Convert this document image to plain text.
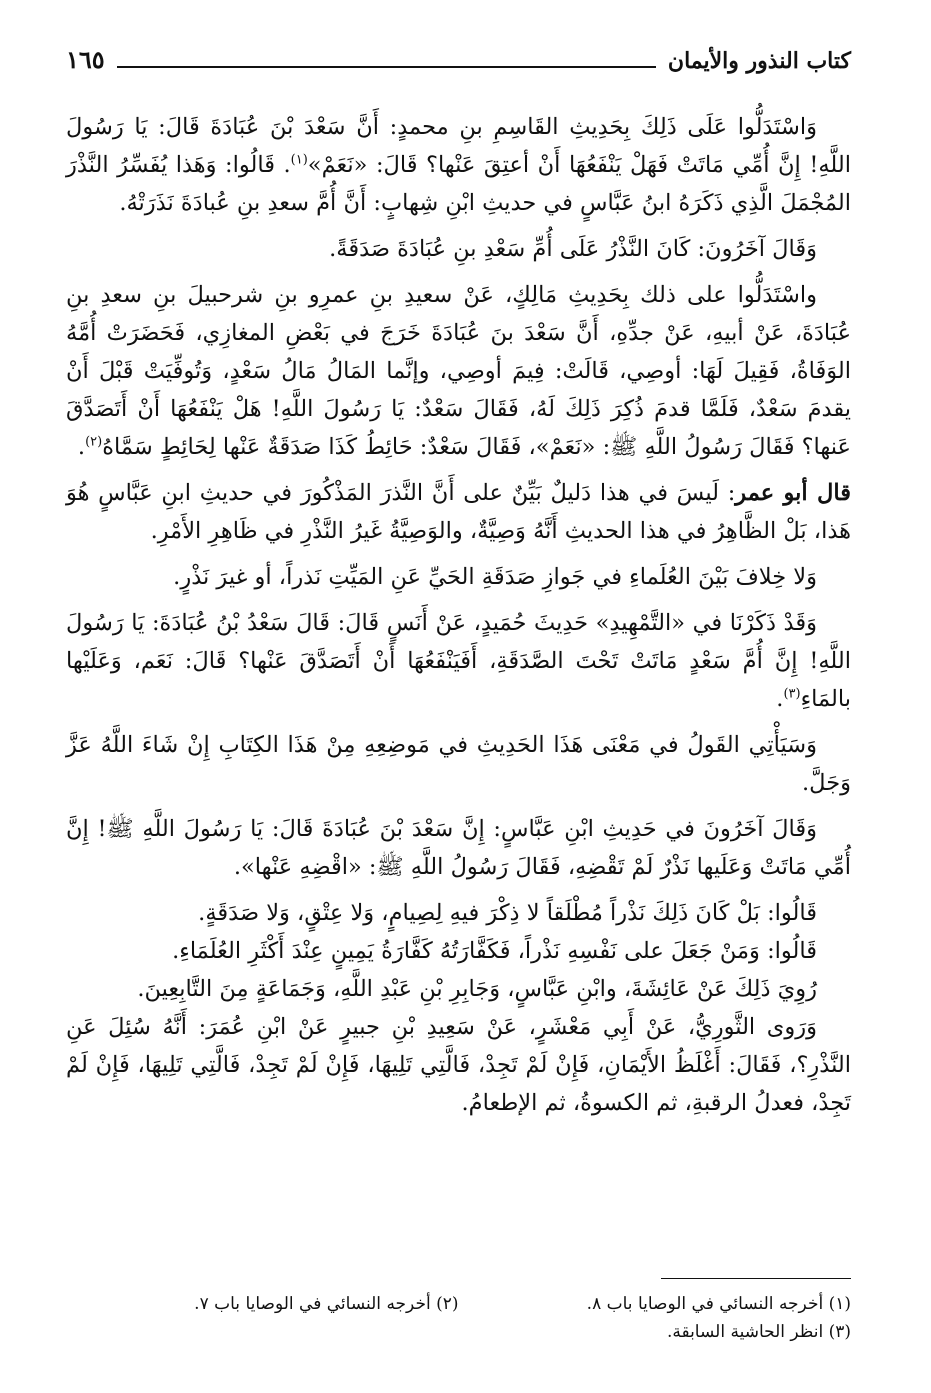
كتاب النذور والأيمان
١٦٥

وَاسْتَدَلُّوا عَلَى ذَلِكَ بِحَدِيثِ القَاسِمِ بنِ محمدٍ: أَنَّ سَعْدَ بْنَ عُبَادَةَ قَالَ: يَا رَسُولَ اللَّهِ! إِنَّ أُمِّي مَاتَتْ فَهَلْ يَنْفَعُهَا أَنْ أعتِقَ عَنْها؟ قَالَ: «نَعَمْ»$^{(١)}$. قَالُوا: وَهَذا يُفَسِّرُ النَّذْرَ المُجْمَلَ الَّذِي ذَكَرَهُ ابنُ عَبَّاسٍ في حديثِ ابْنِ شِهابٍ: أَنَّ أُمَّ سعدِ بنِ عُبادَةَ نَذَرَتْهُ.

وَقَالَ آخَرُونَ: كَانَ النَّذْرُ عَلَى أُمِّ سَعْدِ بنِ عُبَادَةَ صَدَقَةً.

واسْتَدَلُّوا على ذلك بِحَدِيثِ مَالِكٍ، عَنْ سعيدِ بنِ عمرِو بنِ شرحبيلَ بنِ سعدِ بنِ عُبَادَةَ، عَنْ أبيهِ، عَنْ جدِّهِ، أَنَّ سَعْدَ بنَ عُبَادَةَ خَرَجَ في بَعْضِ المغازِي، فَحَضَرَتْ أُمَّهُ الوَفَاةُ، فَقِيلَ لَهَا: أوصِي، قَالَتْ: فِيمَ أوصِي، وإنَّما المَالُ مَالُ سَعْدٍ، وَتُوفِّيَتْ قَبْلَ أَنْ يقدمَ سَعْدٌ، فَلَمَّا قدمَ ذُكِرَ ذَلِكَ لَهُ، فَقَالَ سَعْدٌ: يَا رَسُولَ اللَّهِ! هَلْ يَنْفَعُهَا أَنْ أَتَصَدَّقَ عَنها؟ فَقَالَ رَسُولُ اللَّهِ ﷺ: «نَعَمْ»، فَقَالَ سَعْدٌ: حَائِطُ كَذَا صَدَقَةٌ عَنْها لِحَائِطٍ سَمَّاهُ$^{(٢)}$.

قال أبو عمر: لَيسَ في هذا دَليلٌ بَيِّنٌ على أَنَّ النَّذرَ المَذْكُورَ في حديثِ ابنِ عَبَّاسٍ هُوَ هَذا، بَلْ الظَّاهِرُ في هذا الحديثِ أَنَّهُ وَصِيَّةٌ، والوَصِيَّةُ غَيرُ النَّذْرِ في ظَاهِرِ الأَمْرِ.

وَلا خِلافَ بَيْنَ العُلَماءِ في جَوازِ صَدَقَةِ الحَيِّ عَنِ المَيِّتِ نَذراً، أو غيرَ نَذْرٍ.

وَقَدْ ذَكَرْنَا في «التَّمْهِيدِ» حَدِيثَ حُمَيدٍ، عَنْ أَنَسٍ قَالَ: قَالَ سَعْدُ بْنُ عُبَادَةَ: يَا رَسُولَ اللَّهِ! إِنَّ أُمَّ سَعْدٍ مَاتَتْ تَحْتَ الصَّدَقَةِ، أَفَيَنْفَعُهَا أَنْ أَتَصَدَّقَ عَنْها؟ قَالَ: نَعَم، وَعَلَيْها بالمَاءِ$^{(٣)}$.

وَسَيَأْتِي القَولُ في مَعْنَى هَذَا الحَدِيثِ في مَوضِعِهِ مِنْ هَذَا الكِتَابِ إِنْ شَاءَ اللَّهُ عَزَّ وَجَلَّ.

وَقَالَ آخَرُونَ في حَدِيثِ ابْنِ عَبَّاسٍ: إِنَّ سَعْدَ بْنَ عُبَادَةَ قَالَ: يَا رَسُولَ اللَّهِ ﷺ! إِنَّ أُمِّي مَاتَتْ وَعَلَيها نَذْرٌ لَمْ تَقْضِهِ، فَقَالَ رَسُولُ اللَّهِ ﷺ: «اقْضِهِ عَنْها».

قَالُوا: بَلْ كَانَ ذَلِكَ نَذْراً مُطْلَقاً لا ذِكْرَ فيهِ لِصِيامٍ، وَلا عِتْقٍ، وَلا صَدَقَةٍ.

قَالُوا: وَمَنْ جَعَلَ على نَفْسِهِ نَذْراً، فَكَفَّارَتُهُ كَفَّارَةُ يَمِينٍ عِنْدَ أَكْثَرِ العُلَمَاءِ.

رُوِيَ ذَلِكَ عَنْ عَائِشَةَ، وابْنِ عَبَّاسٍ، وَجَابِرِ بْنِ عَبْدِ اللَّهِ، وَجَمَاعَةٍ مِنَ التَّابِعِينَ.

وَرَوى الثَّورِيُّ، عَنْ أَبِي مَعْشَرٍ، عَنْ سَعِيدِ بْنِ جبيرٍ عَنْ ابْنِ عُمَرَ: أَنَّهُ سُئِلَ عَنِ النَّذْرِ؟، فَقَالَ: أَغْلَظُ الأَيْمَانِ، فَإِنْ لَمْ تَجِدْ، فَالَّتِي تَلِيهَا، فَإِنْ لَمْ تَجِدْ، فَالَّتِي تَلِيهَا، فَإِنْ لَمْ تَجِدْ، فعدلُ الرقبةِ، ثم الكسوةُ، ثم الإطعامُ.

(١) أخرجه النسائي في الوصايا باب ٨.
(٢) أخرجه النسائي في الوصايا باب ٧.
(٣) انظر الحاشية السابقة.
